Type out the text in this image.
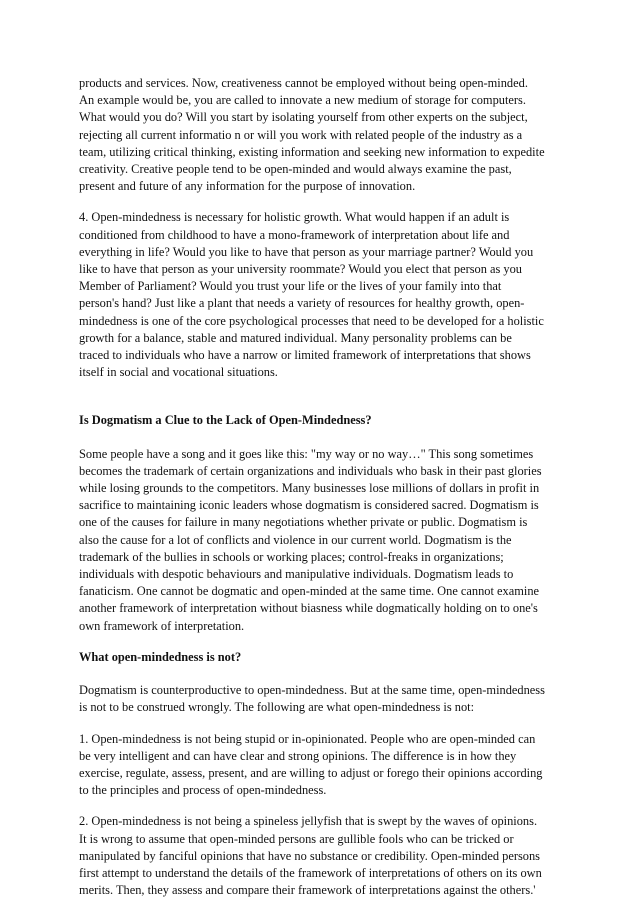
products and services. Now, creativeness cannot be employed without being open-minded.
An example would be, you are called to innovate a new medium of storage for computers.
What would you do? Will you start by isolating yourself from other experts on the subject,
rejecting all current informatio n or will you work with related people of the industry as a
team, utilizing critical thinking, existing information and seeking new information to expedite
creativity. Creative people tend to be open-minded and would always examine the past,
present and future of any information for the purpose of innovation.
4. Open-mindedness is necessary for holistic growth. What would happen if an adult is
conditioned from childhood to have a mono-framework of interpretation about life and
everything in life? Would you like to have that person as your marriage partner? Would you
like to have that person as your university roommate? Would you elect that person as you
Member of Parliament? Would you trust your life or the lives of your family into that
person's hand? Just like a plant that needs a variety of resources for healthy growth, open-
mindedness is one of the core psychological processes that need to be developed for a holistic
growth for a balance, stable and matured individual. Many personality problems can be
traced to individuals who have a narrow or limited framework of interpretations that shows
itself in social and vocational situations.
Is Dogmatism a Clue to the Lack of Open-Mindedness?
Some people have a song and it goes like this: "my way or no way…" This song sometimes
becomes the trademark of certain organizations and individuals who bask in their past glories
while losing grounds to the competitors. Many businesses lose millions of dollars in profit in
sacrifice to maintaining iconic leaders whose dogmatism is considered sacred. Dogmatism is
one of the causes for failure in many negotiations whether private or public. Dogmatism is
also the cause for a lot of conflicts and violence in our current world. Dogmatism is the
trademark of the bullies in schools or working places; control-freaks in organizations;
individuals with despotic behaviours and manipulative individuals. Dogmatism leads to
fanaticism. One cannot be dogmatic and open-minded at the same time. One cannot examine
another framework of interpretation without biasness while dogmatically holding on to one's
own framework of interpretation.
What open-mindedness is not?
Dogmatism is counterproductive to open-mindedness. But at the same time, open-mindedness
is not to be construed wrongly. The following are what open-mindedness is not:
1. Open-mindedness is not being stupid or in-opinionated. People who are open-minded can
be very intelligent and can have clear and strong opinions. The difference is in how they
exercise, regulate, assess, present, and are willing to adjust or forego their opinions according
to the principles and process of open-mindedness.
2. Open-mindedness is not being a spineless jellyfish that is swept by the waves of opinions.
It is wrong to assume that open-minded persons are gullible fools who can be tricked or
manipulated by fanciful opinions that have no substance or credibility. Open-minded persons
first attempt to understand the details of the framework of interpretations of others on its own
merits. Then, they assess and compare their framework of interpretations against the others.'
